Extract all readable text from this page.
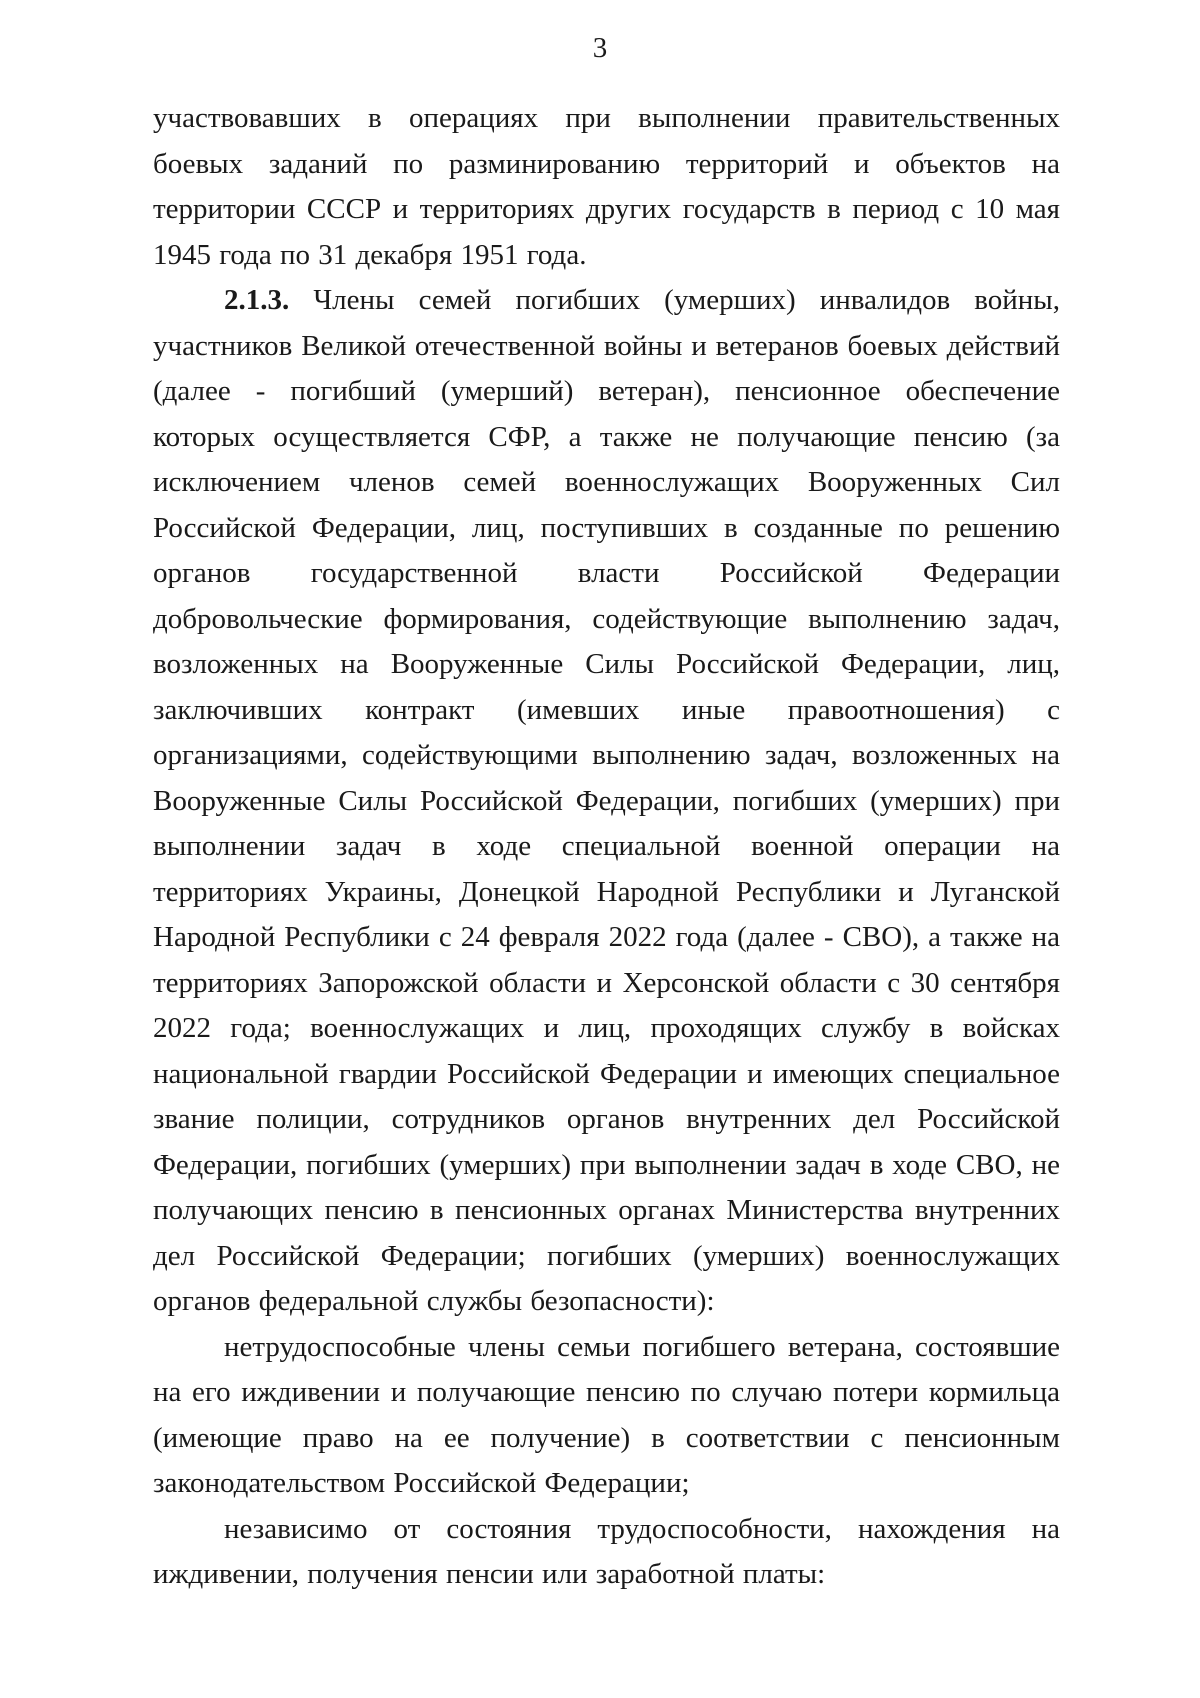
3

участвовавших в операциях при выполнении правительственных боевых заданий по разминированию территорий и объектов на территории СССР и территориях других государств в период с 10 мая 1945 года по 31 декабря 1951 года.

2.1.3. Члены семей погибших (умерших) инвалидов войны, участников Великой отечественной войны и ветеранов боевых действий (далее - погибший (умерший) ветеран), пенсионное обеспечение которых осуществляется СФР, а также не получающие пенсию (за исключением членов семей военнослужащих Вооруженных Сил Российской Федерации, лиц, поступивших в созданные по решению органов государственной власти Российской Федерации добровольческие формирования, содействующие выполнению задач, возложенных на Вооруженные Силы Российской Федерации, лиц, заключивших контракт (имевших иные правоотношения) с организациями, содействующими выполнению задач, возложенных на Вооруженные Силы Российской Федерации, погибших (умерших) при выполнении задач в ходе специальной военной операции на территориях Украины, Донецкой Народной Республики и Луганской Народной Республики с 24 февраля 2022 года (далее - СВО), а также на территориях Запорожской области и Херсонской области с 30 сентября 2022 года; военнослужащих и лиц, проходящих службу в войсках национальной гвардии Российской Федерации и имеющих специальное звание полиции, сотрудников органов внутренних дел Российской Федерации, погибших (умерших) при выполнении задач в ходе СВО, не получающих пенсию в пенсионных органах Министерства внутренних дел Российской Федерации; погибших (умерших) военнослужащих органов федеральной службы безопасности):

нетрудоспособные члены семьи погибшего ветерана, состоявшие на его иждивении и получающие пенсию по случаю потери кормильца (имеющие право на ее получение) в соответствии с пенсионным законодательством Российской Федерации;

независимо от состояния трудоспособности, нахождения на иждивении, получения пенсии или заработной платы:
